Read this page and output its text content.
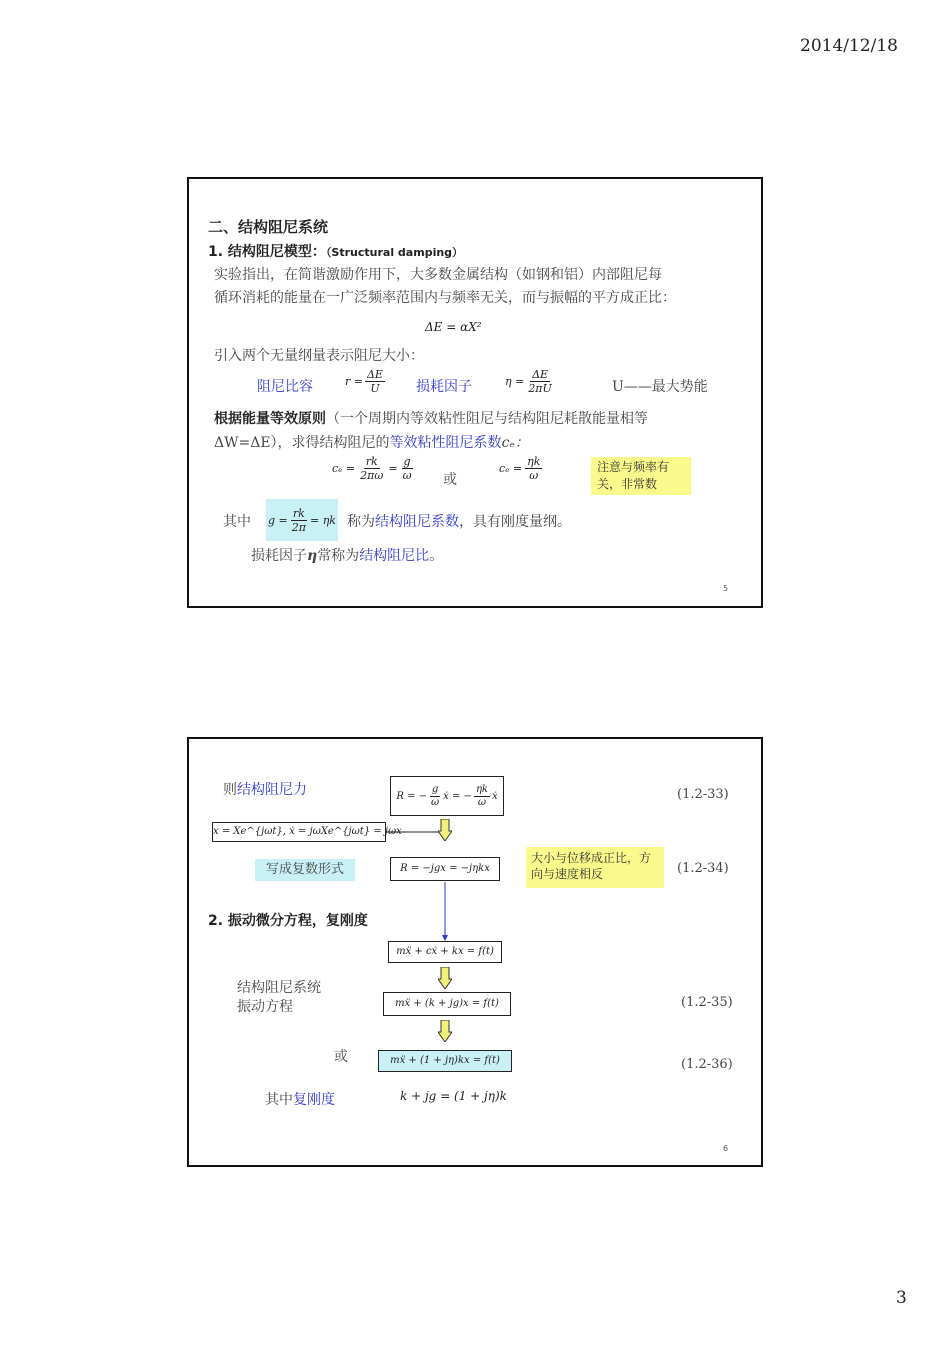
2014/12/18
二、结构阻尼系统
1. 结构阻尼模型：（Structural damping）
实验指出，在简谐激励作用下，大多数金属结构（如钢和铝）内部阻尼每
循环消耗的能量在一广泛频率范围内与频率无关，而与振幅的平方成正比：
ΔE = αX²
引入两个无量纲量表示阻尼大小：
阻尼比容	$r = \frac{\Delta E}{U}$ 损耗因子	$\eta = \frac{\Delta E}{2\pi U}$	U——最大势能
根据能量等效原则（一个周期内等效粘性阻尼与结构阻尼耗散能量相等
ΔW=ΔE），求得结构阻尼的等效粘性阻尼系数cₑ：
$c_e = \frac{rk}{2\pi\omega} = \frac{g}{\omega}$ 或
$c_e = \frac{\eta k}{\omega}$	注意与频率有关，非常数
其中 $g = \frac{rk}{2\pi} = \eta k$ 称为结构阻尼系数，具有刚度量纲。
损耗因子η常称为结构阻尼比。
5
则结构阻尼力	R = − $\frac{g}{\omega}$ ẋ = − $\frac{\eta k}{\omega}$ ẋ	(1.2-33)
x = Xe^{jωt}, ẋ = jωXe^{jωt} = jωx
写成复数形式	R = −jgx = −jηkx
大小与位移成正比，方向与速度相反	(1.2-34)
2. 振动微分方程，复刚度
mẍ + cẋ + kx = f(t)
结构阻尼系统振动方程	mẍ + (k + jg)x = f(t)	(1.2-35)
或	mẍ + (1 + jη)kx = f(t)	(1.2-36)
其中复刚度	k + jg = (1 + jη)k
6
3
